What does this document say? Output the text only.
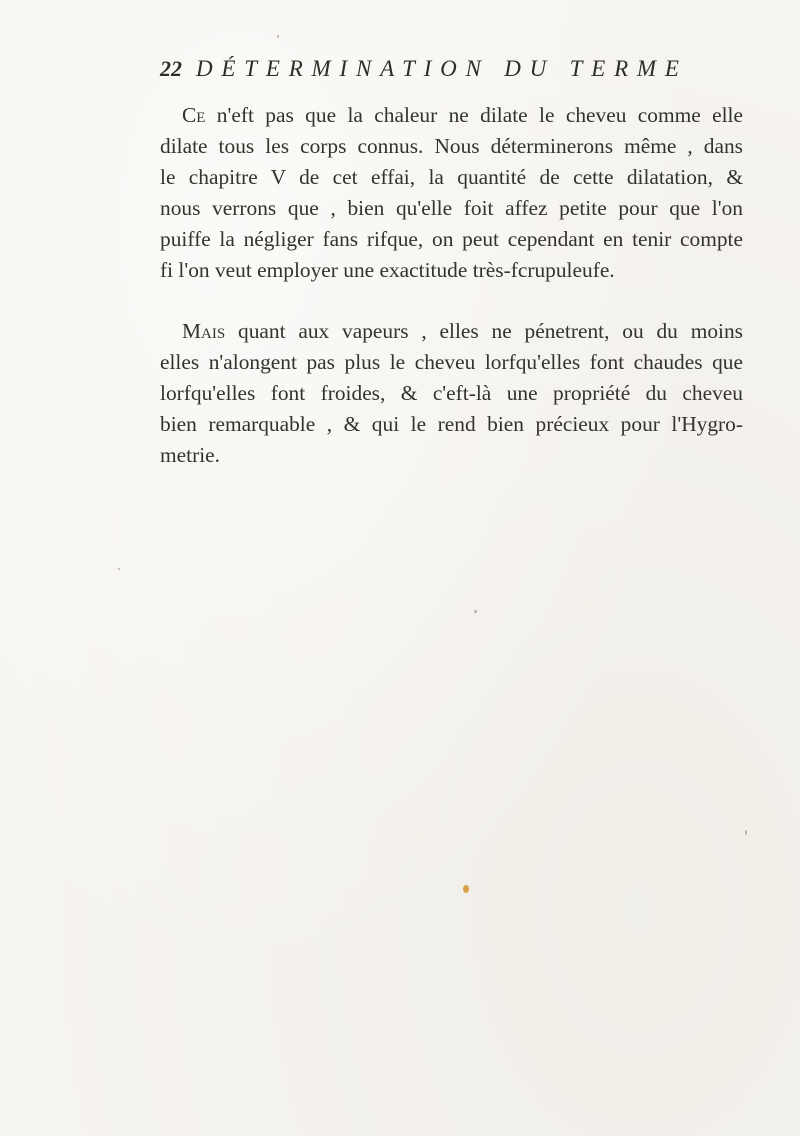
22 DÉTERMINATION DU TERME
Ce n'eft pas que la chaleur ne dilate le cheveu comme elle
dilate tous les corps connus. Nous déterminerons même , dans
le chapitre V de cet effai, la quantité de cette dilatation, &
nous verrons que , bien qu'elle foit affez petite pour que l'on
puiffe la négliger fans rifque, on peut cependant en tenir compte
fi l'on veut employer une exactitude très-fcrupuleufe.
Mais quant aux vapeurs , elles ne pénetrent, ou du moins
elles n'alongent pas plus le cheveu lorfqu'elles font chaudes que
lorfqu'elles font froides, & c'eft-là une propriété du cheveu
bien remarquable , & qui le rend bien précieux pour l'Hygro-
metrie.
